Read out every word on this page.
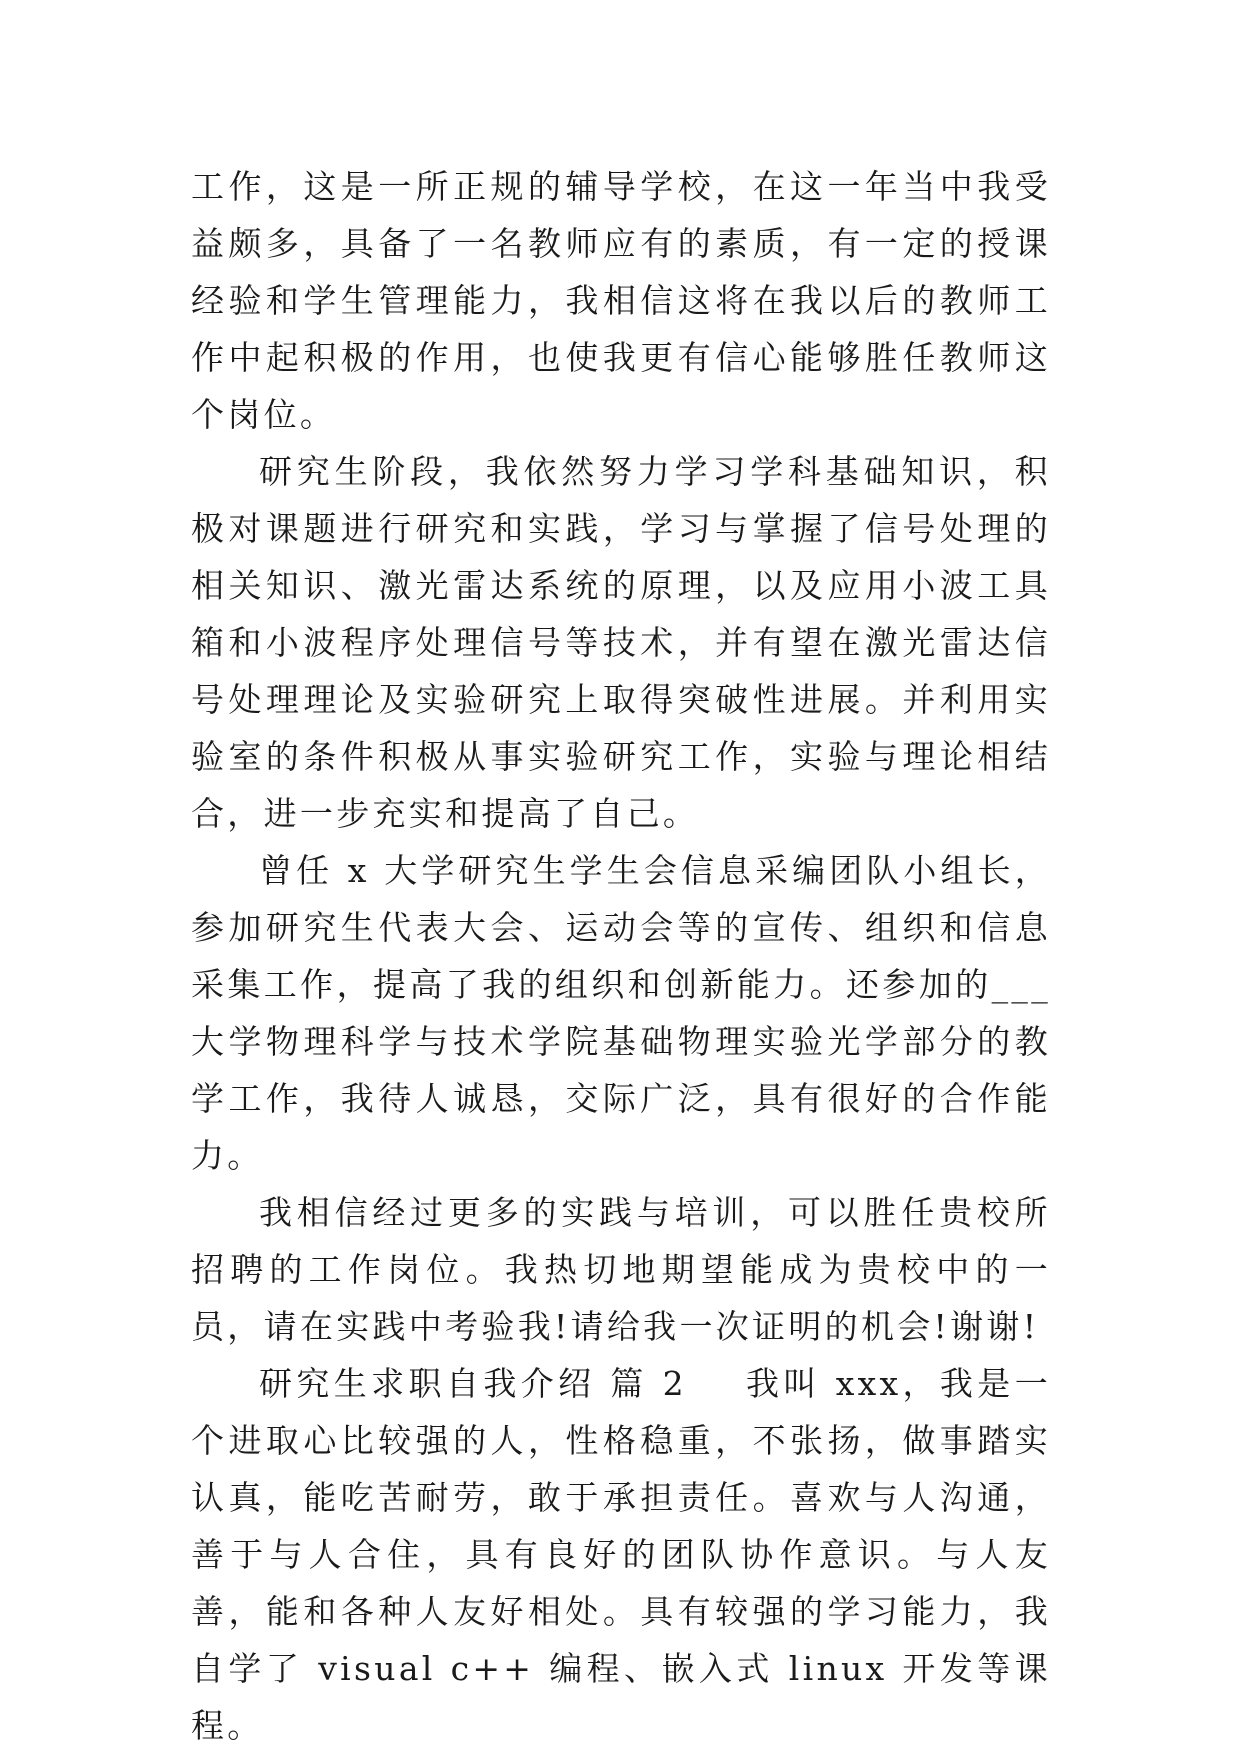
工作，这是一所正规的辅导学校，在这一年当中我受益颇多，具备了一名教师应有的素质，有一定的授课经验和学生管理能力，我相信这将在我以后的教师工作中起积极的作用，也使我更有信心能够胜任教师这个岗位。

研究生阶段，我依然努力学习学科基础知识，积极对课题进行研究和实践，学习与掌握了信号处理的相关知识、激光雷达系统的原理，以及应用小波工具箱和小波程序处理信号等技术，并有望在激光雷达信号处理理论及实验研究上取得突破性进展。并利用实验室的条件积极从事实验研究工作，实验与理论相结合，进一步充实和提高了自己。

曾任 x 大学研究生学生会信息采编团队小组长，参加研究生代表大会、运动会等的宣传、组织和信息采集工作，提高了我的组织和创新能力。还参加的___大学物理科学与技术学院基础物理实验光学部分的教学工作，我待人诚恳，交际广泛，具有很好的合作能力。

我相信经过更多的实践与培训，可以胜任贵校所招聘的工作岗位。我热切地期望能成为贵校中的一员，请在实践中考验我!请给我一次证明的机会!谢谢!

研究生求职自我介绍 篇 2 我叫 xxx，我是一个进取心比较强的人，性格稳重，不张扬，做事踏实认真，能吃苦耐劳，敢于承担责任。喜欢与人沟通，善于与人合住，具有良好的团队协作意识。与人友善，能和各种人友好相处。具有较强的学习能力，我自学了 visual c++ 编程、嵌入式 linux 开发等课程。
